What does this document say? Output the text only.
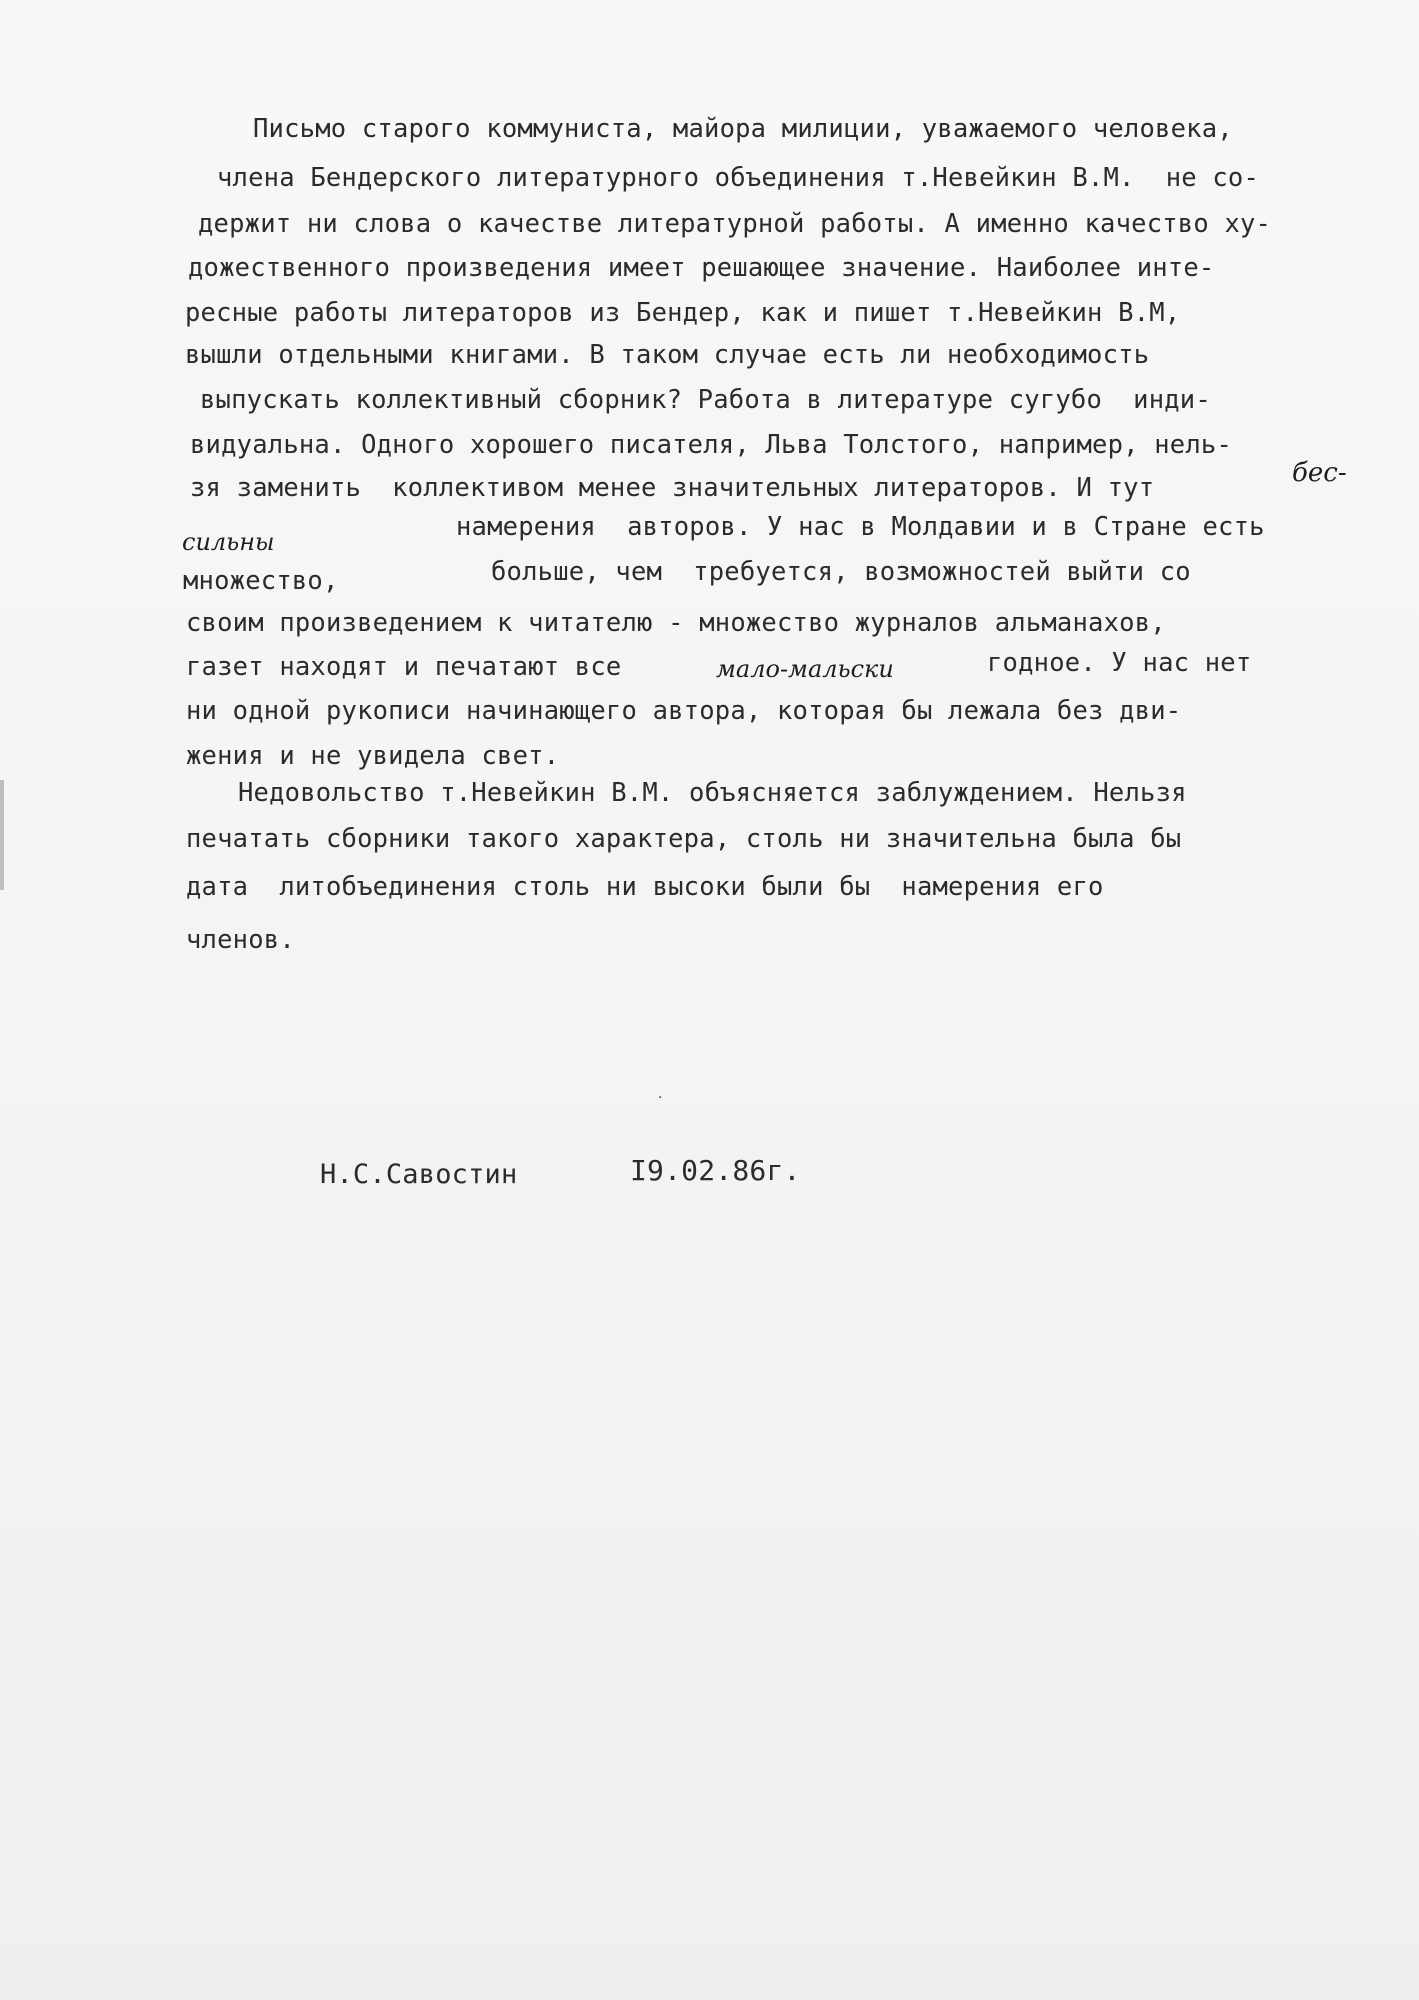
Письмо старого коммуниста, майора милиции, уважаемого человека,

члена Бендерского литературного объединения т.Невейкин В.М.  не со-

держит ни слова о качестве литературной работы. А именно качество ху-

дожественного произведения имеет решающее значение. Наиболее инте-

ресные работы литераторов из Бендер, как и пишет т.Невейкин В.М,

вышли отдельными книгами. В таком случае есть ли необходимость

выпускать коллективный сборник? Работа в литературе сугубо  инди-

видуальна. Одного хорошего писателя, Льва Толстого, например, нель-

зя заменить  коллективом менее значительных литераторов. И тут	бес-
сильны	намерения  авторов. У нас в Молдавии и в Стране есть

множество,	больше, чем  требуется, возможностей выйти со

своим произведением к читателю - множество журналов альманахов,

газет находят и печатают все	мало-мальски	годное. У нас нет

ни одной рукописи начинающего автора, которая бы лежала без дви-

жения и не увидела свет.

Недовольство т.Невейкин В.М. объясняется заблуждением. Нельзя

печатать сборники такого характера, столь ни значительна была бы

дата  литобъединения столь ни высоки были бы  намерения его

членов.

·

Н.С.Савостин	I9.02.86г.
